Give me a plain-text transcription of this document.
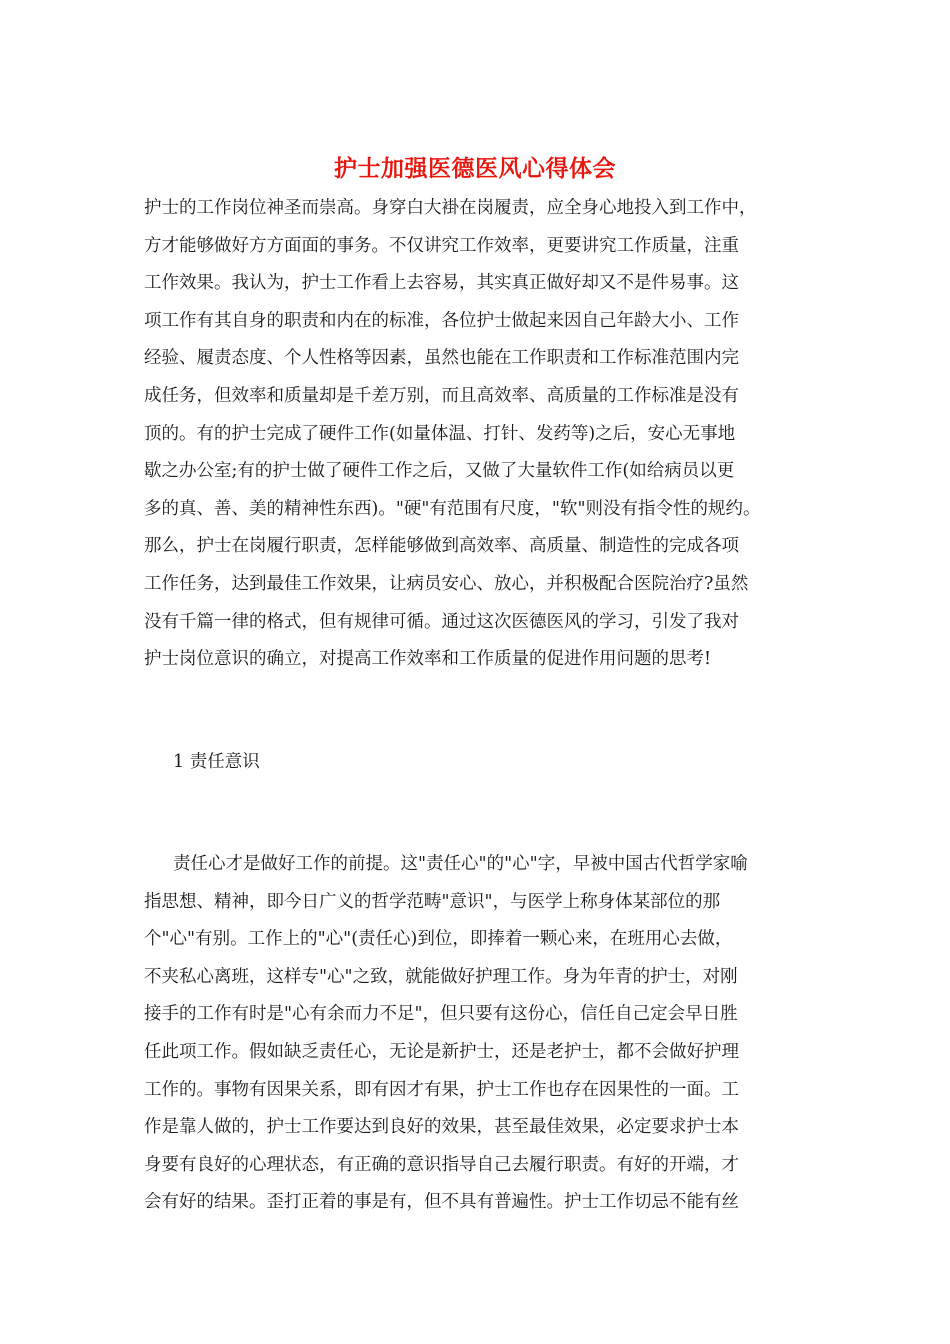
护士加强医德医风心得体会
护士的工作岗位神圣而崇高。身穿白大褂在岗履责，应全身心地投入到工作中，
方才能够做好方方面面的事务。不仅讲究工作效率，更要讲究工作质量，注重
工作效果。我认为，护士工作看上去容易，其实真正做好却又不是件易事。这
项工作有其自身的职责和内在的标准，各位护士做起来因自己年龄大小、工作
经验、履责态度、个人性格等因素，虽然也能在工作职责和工作标准范围内完
成任务，但效率和质量却是千差万别，而且高效率、高质量的工作标准是没有
顶的。有的护士完成了硬件工作(如量体温、打针、发药等)之后，安心无事地
歇之办公室;有的护士做了硬件工作之后，又做了大量软件工作(如给病员以更
多的真、善、美的精神性东西)。"硬"有范围有尺度，"软"则没有指令性的规约。
那么，护士在岗履行职责，怎样能够做到高效率、高质量、制造性的完成各项
工作任务，达到最佳工作效果，让病员安心、放心，并积极配合医院治疗?虽然
没有千篇一律的格式，但有规律可循。通过这次医德医风的学习，引发了我对
护士岗位意识的确立，对提高工作效率和工作质量的促进作用问题的思考!
1 责任意识
责任心才是做好工作的前提。这"责任心"的"心"字，早被中国古代哲学家喻
指思想、精神，即今日广义的哲学范畴"意识"，与医学上称身体某部位的那
个"心"有别。工作上的"心"(责任心)到位，即捧着一颗心来，在班用心去做，
不夹私心离班，这样专"心"之致，就能做好护理工作。身为年青的护士，对刚
接手的工作有时是"心有余而力不足"，但只要有这份心，信任自己定会早日胜
任此项工作。假如缺乏责任心，无论是新护士，还是老护士，都不会做好护理
工作的。事物有因果关系，即有因才有果，护士工作也存在因果性的一面。工
作是靠人做的，护士工作要达到良好的效果，甚至最佳效果，必定要求护士本
身要有良好的心理状态，有正确的意识指导自己去履行职责。有好的开端，才
会有好的结果。歪打正着的事是有，但不具有普遍性。护士工作切忌不能有丝
